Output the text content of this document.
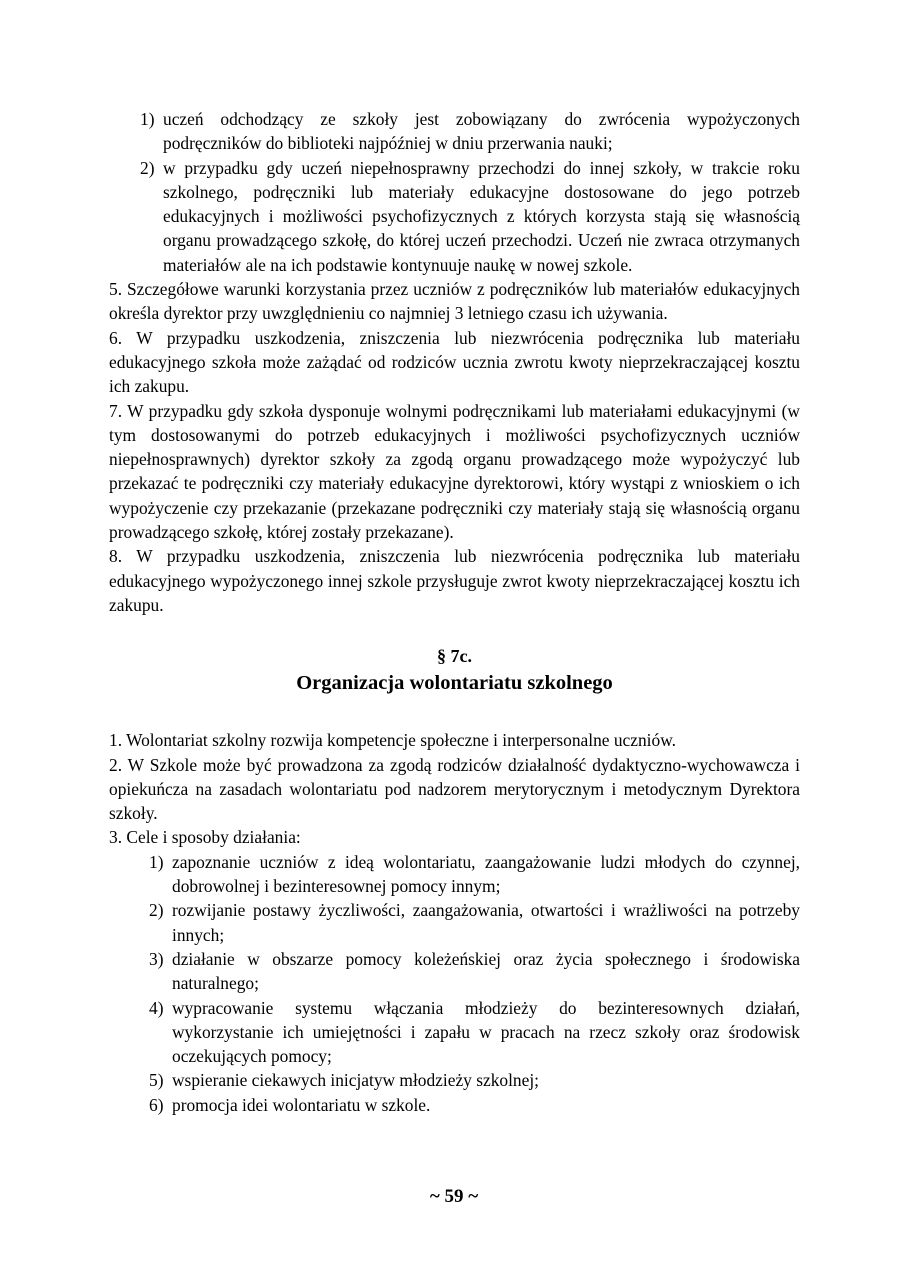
1) uczeń odchodzący ze szkoły jest zobowiązany do zwrócenia wypożyczonych podręczników do biblioteki najpóźniej w dniu przerwania nauki;

2) w przypadku gdy uczeń niepełnosprawny przechodzi do innej szkoły, w trakcie roku szkolnego, podręczniki lub materiały edukacyjne dostosowane do jego potrzeb edukacyjnych i możliwości psychofizycznych z których korzysta stają się własnością organu prowadzącego szkołę, do której uczeń przechodzi. Uczeń nie zwraca otrzymanych materiałów ale na ich podstawie kontynuuje naukę w nowej szkole.

5. Szczegółowe warunki korzystania przez uczniów z podręczników lub materiałów edukacyjnych określa dyrektor przy uwzględnieniu co najmniej 3 letniego czasu ich używania.

6. W przypadku uszkodzenia, zniszczenia lub niezwrócenia podręcznika lub materiału edukacyjnego szkoła może zażądać od rodziców ucznia zwrotu kwoty nieprzekraczającej kosztu ich zakupu.

7. W przypadku gdy szkoła dysponuje wolnymi podręcznikami lub materiałami edukacyjnymi (w tym dostosowanymi do potrzeb edukacyjnych i możliwości psychofizycznych uczniów niepełnosprawnych) dyrektor szkoły za zgodą organu prowadzącego może wypożyczyć lub przekazać te podręczniki czy materiały edukacyjne dyrektorowi, który wystąpi z wnioskiem o ich wypożyczenie czy przekazanie (przekazane podręczniki czy materiały stają się własnością organu prowadzącego szkołę, której zostały przekazane).

8. W przypadku uszkodzenia, zniszczenia lub niezwrócenia podręcznika lub materiału edukacyjnego wypożyczonego innej szkole przysługuje zwrot kwoty nieprzekraczającej kosztu ich zakupu.

§ 7c.
Organizacja wolontariatu szkolnego

1. Wolontariat szkolny rozwija kompetencje społeczne i interpersonalne uczniów.

2. W Szkole może być prowadzona za zgodą rodziców działalność dydaktyczno-wychowawcza i opiekuńcza na zasadach wolontariatu pod nadzorem merytorycznym i metodycznym Dyrektora szkoły.

3. Cele i sposoby działania:

1) zapoznanie uczniów z ideą wolontariatu, zaangażowanie ludzi młodych do czynnej, dobrowolnej i bezinteresownej pomocy innym;

2) rozwijanie postawy życzliwości, zaangażowania, otwartości i wrażliwości na potrzeby innych;

3) działanie w obszarze pomocy koleżeńskiej oraz życia społecznego i środowiska naturalnego;

4) wypracowanie systemu włączania młodzieży do bezinteresownych działań, wykorzystanie ich umiejętności i zapału w pracach na rzecz szkoły oraz środowisk oczekujących pomocy;

5) wspieranie ciekawych inicjatyw młodzieży szkolnej;

6) promocja idei wolontariatu w szkole.

~ 59 ~
